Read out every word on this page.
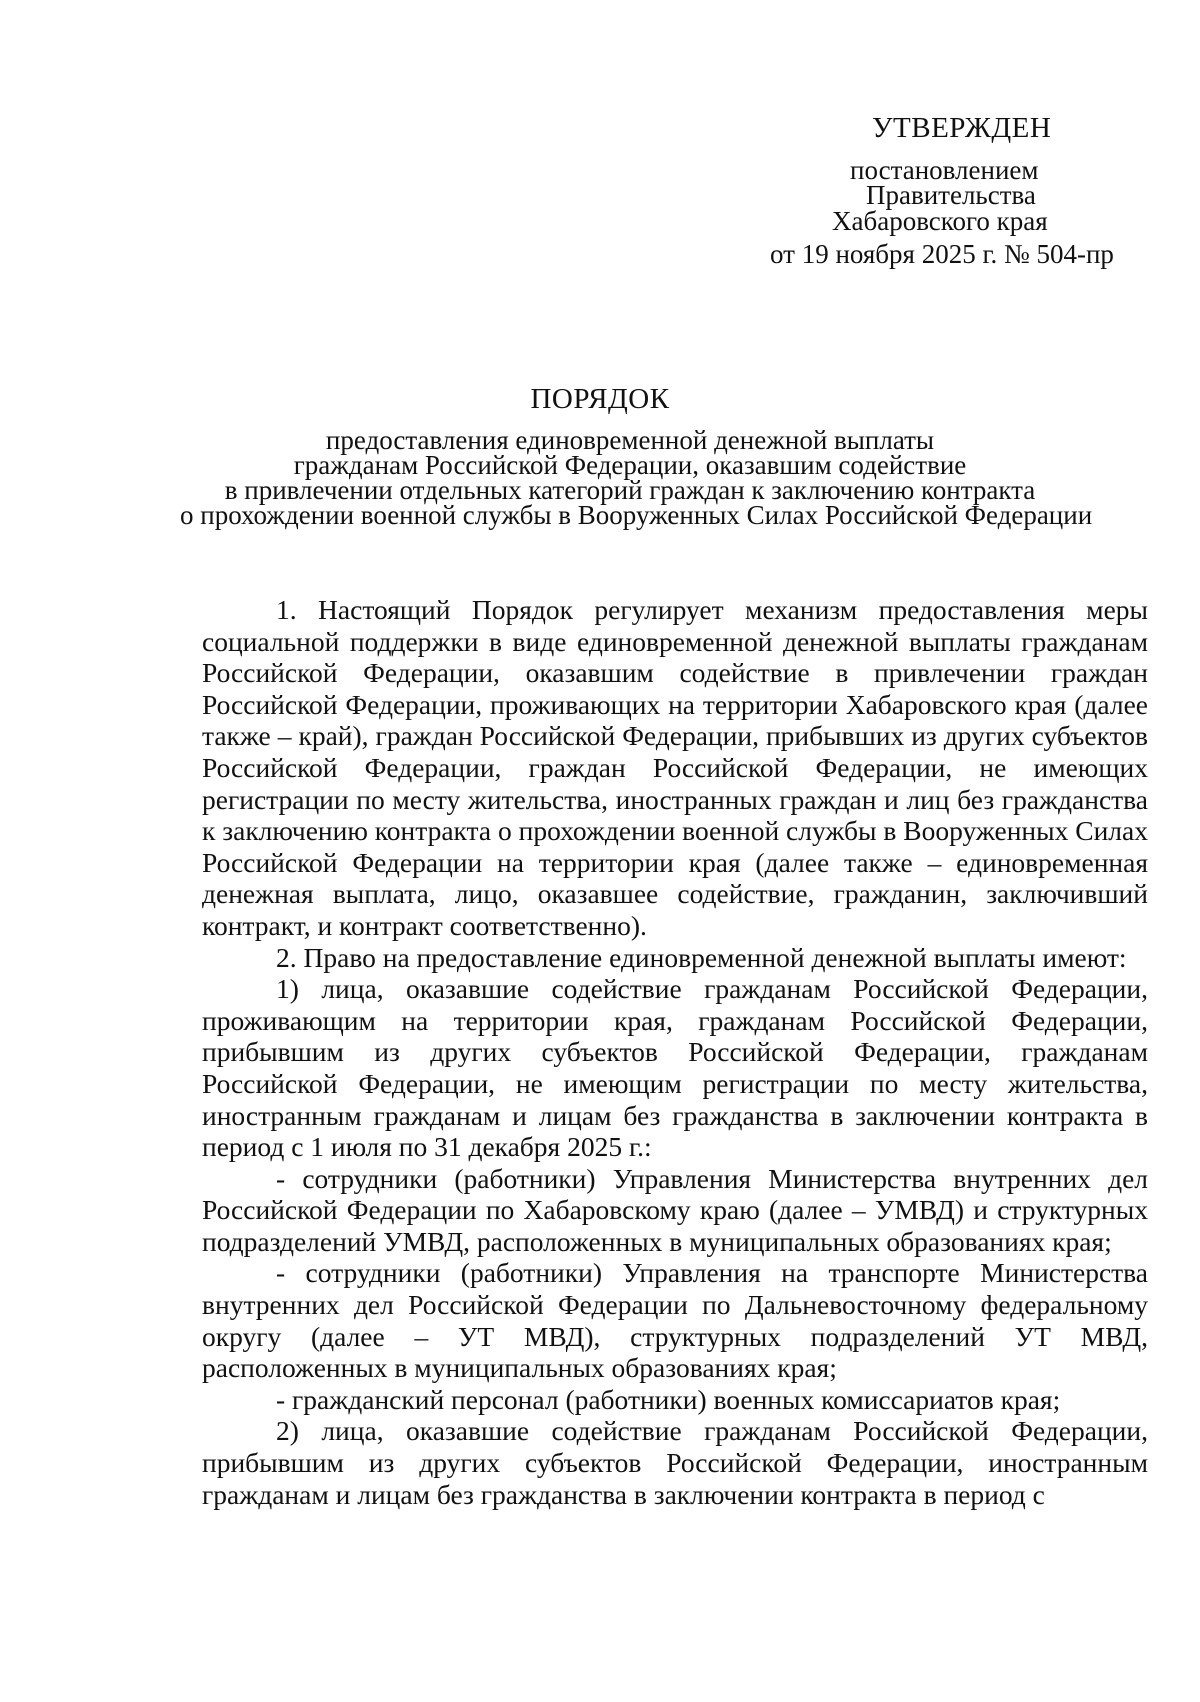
УТВЕРЖДЕН
постановлением
Правительства
Хабаровского края
от 19 ноября 2025 г. № 504-пр
ПОРЯДОК
предоставления единовременной денежной выплаты
гражданам Российской Федерации, оказавшим содействие
в привлечении отдельных категорий граждан к заключению контракта
о прохождении военной службы в Вооруженных Силах Российской Федерации

1. Настоящий Порядок регулирует механизм предоставления меры социальной поддержки в виде единовременной денежной выплаты гражданам Российской Федерации, оказавшим содействие в привлечении граждан Российской Федерации, проживающих на территории Хабаровского края (далее также – край), граждан Российской Федерации, прибывших из других субъектов Российской Федерации, граждан Российской Федерации, не имеющих регистрации по месту жительства, иностранных граждан и лиц без гражданства к заключению контракта о прохождении военной службы в Вооруженных Силах Российской Федерации на территории края (далее также – единовременная денежная выплата, лицо, оказавшее содействие, гражданин, заключивший контракт, и контракт соответственно).

2. Право на предоставление единовременной денежной выплаты имеют:

1) лица, оказавшие содействие гражданам Российской Федерации, проживающим на территории края, гражданам Российской Федерации, прибывшим из других субъектов Российской Федерации, гражданам Российской Федерации, не имеющим регистрации по месту жительства, иностранным гражданам и лицам без гражданства в заключении контракта в период с 1 июля по 31 декабря 2025 г.:

- сотрудники (работники) Управления Министерства внутренних дел Российской Федерации по Хабаровскому краю (далее – УМВД) и структурных подразделений УМВД, расположенных в муниципальных образованиях края;

- сотрудники (работники) Управления на транспорте Министерства внутренних дел Российской Федерации по Дальневосточному федеральному округу (далее – УТ МВД), структурных подразделений УТ МВД, расположенных в муниципальных образованиях края;

- гражданский персонал (работники) военных комиссариатов края;

2) лица, оказавшие содействие гражданам Российской Федерации, прибывшим из других субъектов Российской Федерации, иностранным гражданам и лицам без гражданства в заключении контракта в период с
